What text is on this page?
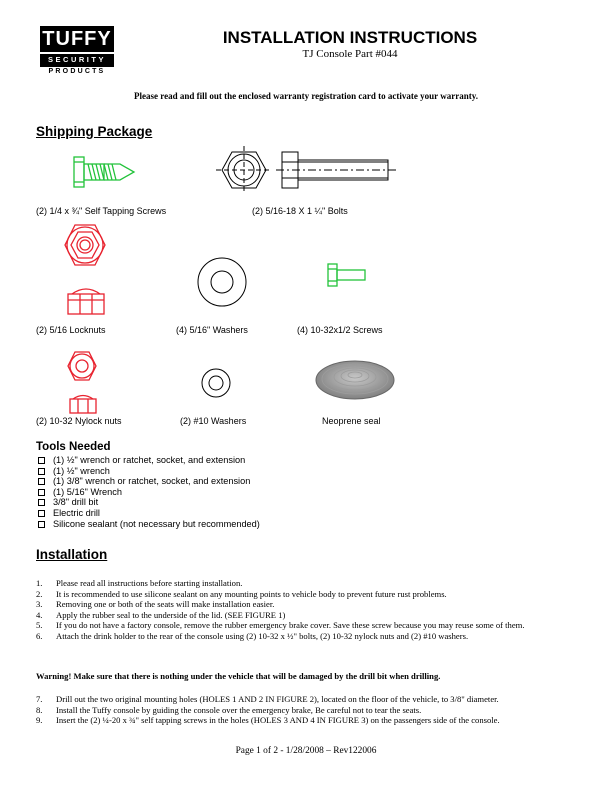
TUFFY
SECURITY
PRODUCTS
INSTALLATION INSTRUCTIONS
TJ Console Part #044
Please read and fill out the enclosed warranty registration card to activate your warranty.
Shipping Package
(2) 1/4 x ¾" Self Tapping Screws	(2) 5/16-18 X 1 ¼" Bolts
(2) 5/16 Locknuts	(4) 5/16" Washers	(4) 10-32x1/2 Screws
(2) 10-32 Nylock nuts	(2) #10 Washers	Neoprene seal
Tools Needed
(1) ½" wrench or ratchet, socket, and extension
(1) ½" wrench
(1) 3/8" wrench or ratchet, socket, and extension
(1) 5/16" Wrench
3/8" drill bit
Electric drill
Silicone sealant (not necessary but recommended)
Installation
1. Please read all instructions before starting installation.
2. It is recommended to use silicone sealant on any mounting points to vehicle body to prevent future rust problems.
3. Removing one or both of the seats will make installation easier.
4. Apply the rubber seal to the underside of the lid. (SEE FIGURE 1)
5. If you do not have a factory console, remove the rubber emergency brake cover. Save these screw because you may reuse some of them.
6. Attach the drink holder to the rear of the console using (2) 10-32 x ½" bolts, (2) 10-32 nylock nuts and (2) #10 washers.
Warning! Make sure that there is nothing under the vehicle that will be damaged by the drill bit when drilling.
7. Drill out the two original mounting holes (HOLES 1 AND 2 IN FIGURE 2), located on the floor of the vehicle, to 3/8" diameter.
8. Install the Tuffy console by guiding the console over the emergency brake, Be careful not to tear the seats.
9. Insert the (2) ¼-20 x ¾" self tapping screws in the holes (HOLES 3 AND 4 IN FIGURE 3) on the passengers side of the console.
Page 1 of 2 - 1/28/2008 – Rev122006
